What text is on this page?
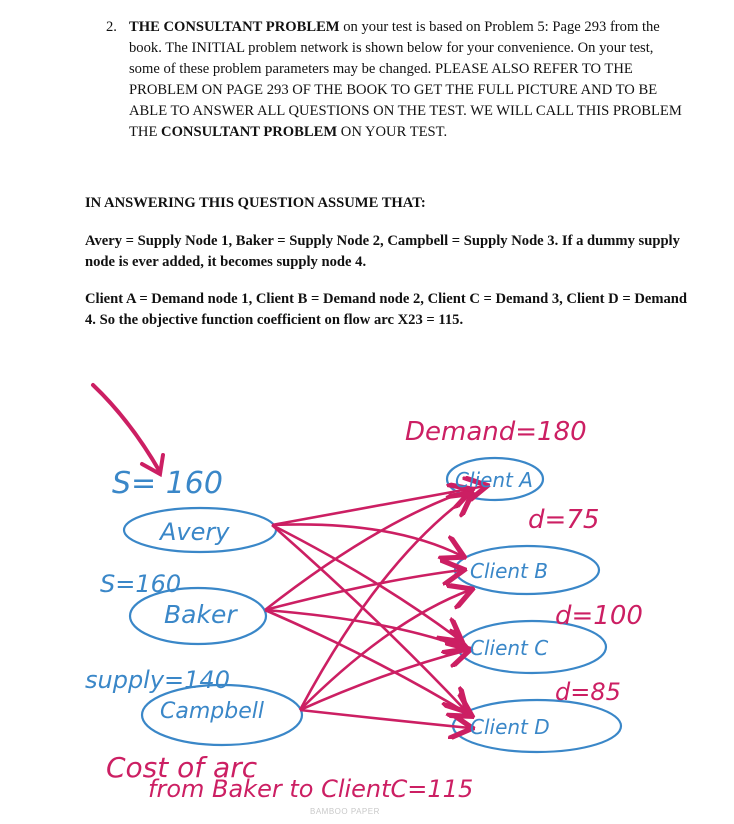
2. THE CONSULTANT PROBLEM on your test is based on Problem 5: Page 293 from the book. The INITIAL problem network is shown below for your convenience. On your test, some of these problem parameters may be changed. PLEASE ALSO REFER TO THE PROBLEM ON PAGE 293 OF THE BOOK TO GET THE FULL PICTURE AND TO BE ABLE TO ANSWER ALL QUESTIONS ON THE TEST. WE WILL CALL THIS PROBLEM THE CONSULTANT PROBLEM ON YOUR TEST.
IN ANSWERING THIS QUESTION ASSUME THAT:
Avery = Supply Node 1, Baker = Supply Node 2, Campbell = Supply Node 3. If a dummy supply node is ever added, it becomes supply node 4.
Client A = Demand node 1, Client B = Demand node 2, Client C = Demand 3, Client D = Demand 4. So the objective function coefficient on flow arc X23 = 115.
S= 160
Avery
S=160
Baker
supply=140
Campbell
Client A
Client B
Client C
Client D
Demand=180
d=75
d=100
d=85
Cost of arc
from Baker to ClientC=115
BAMBOO PAPER
